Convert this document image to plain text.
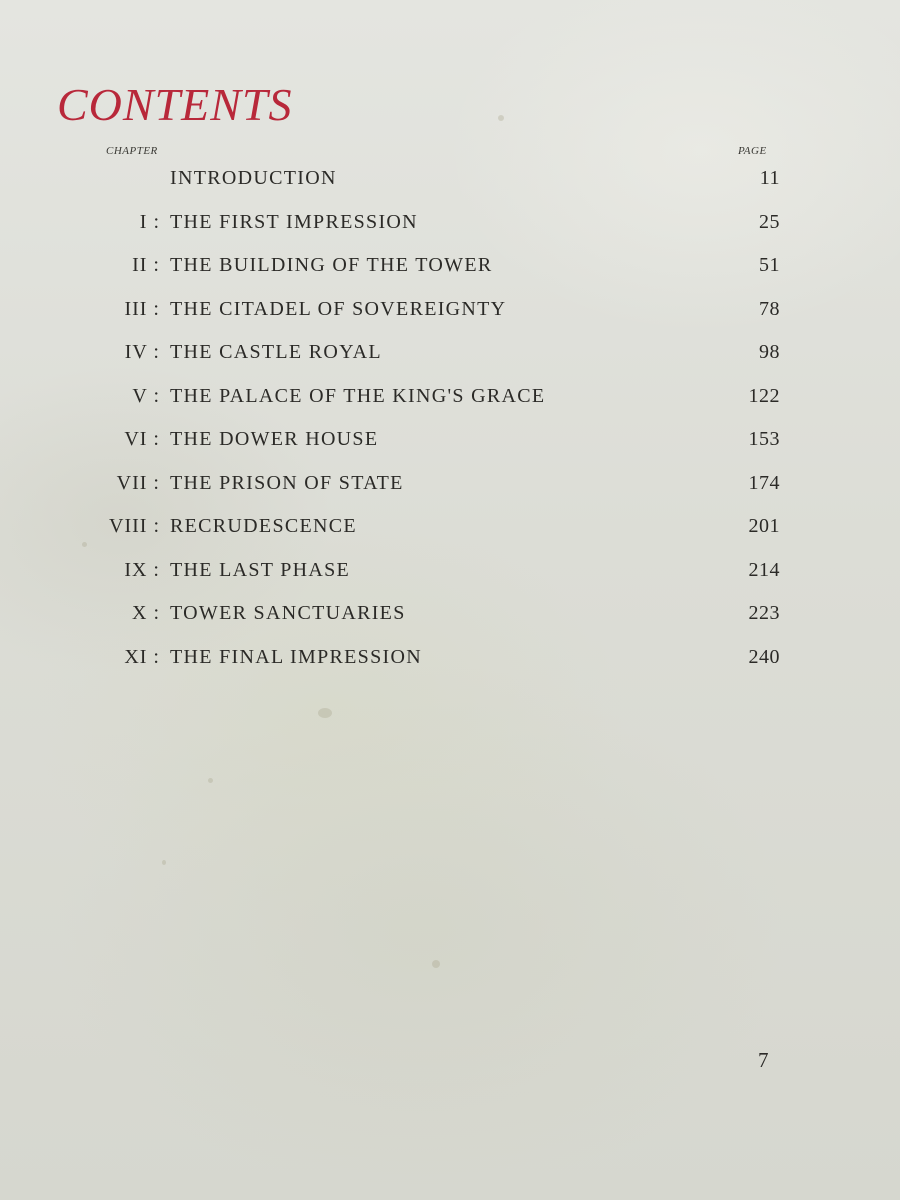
CONTENTS
CHAPTER	PAGE
INTRODUCTION	11
I : THE FIRST IMPRESSION	25
II : THE BUILDING OF THE TOWER	51
III : THE CITADEL OF SOVEREIGNTY	78
IV : THE CASTLE ROYAL	98
V : THE PALACE OF THE KING'S GRACE	122
VI : THE DOWER HOUSE	153
VII : THE PRISON OF STATE	174
VIII : RECRUDESCENCE	201
IX : THE LAST PHASE	214
X : TOWER SANCTUARIES	223
XI : THE FINAL IMPRESSION	240
7
